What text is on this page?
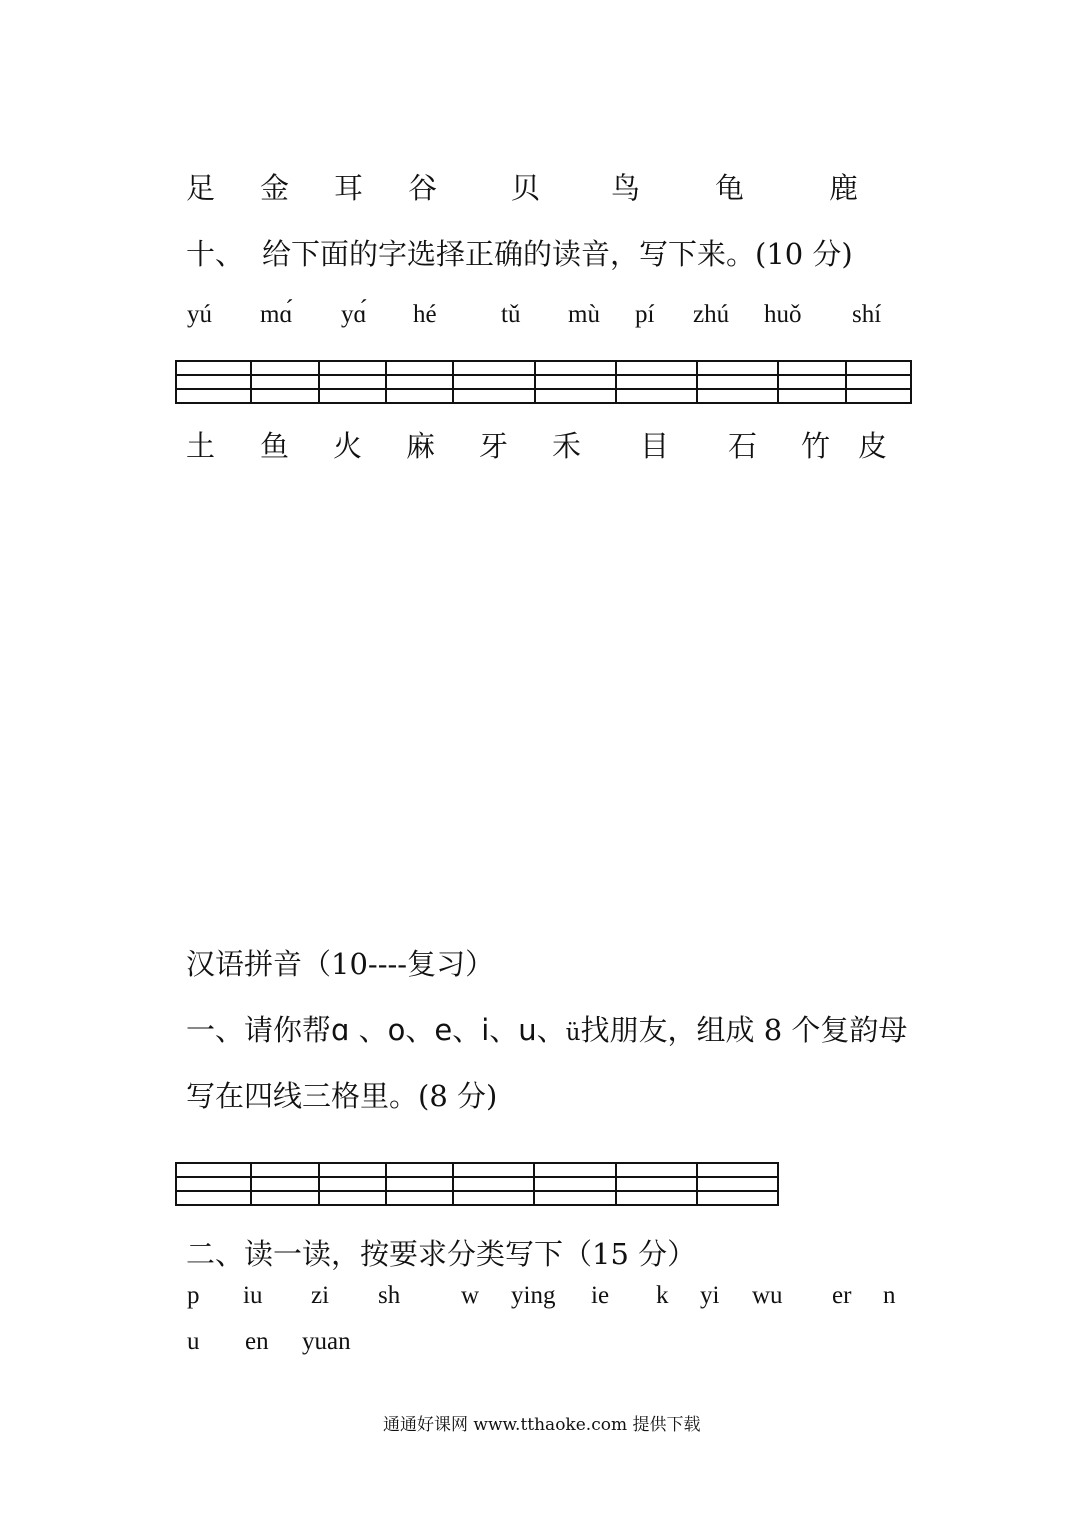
足 金 耳 谷	贝 鸟	龟	鹿
十、 给下面的字选择正确的读音，写下来。(10 分)
yú mɑ́ yɑ́ hé	tǔ mù pí zhú huǒ shí

土 鱼 火 麻 牙 禾 目 石 竹 皮
汉语拼音（10----复习）
一、请你帮ɑ 、o、e、i、u、ü找朋友，组成 8 个复韵母
写在四线三格里。(8 分)

二、读一读，按要求分类写下（15 分）
p iu zi sh w ying ie k yi wu er n
u en yuan
通通好课网 www.tthaoke.com 提供下载
